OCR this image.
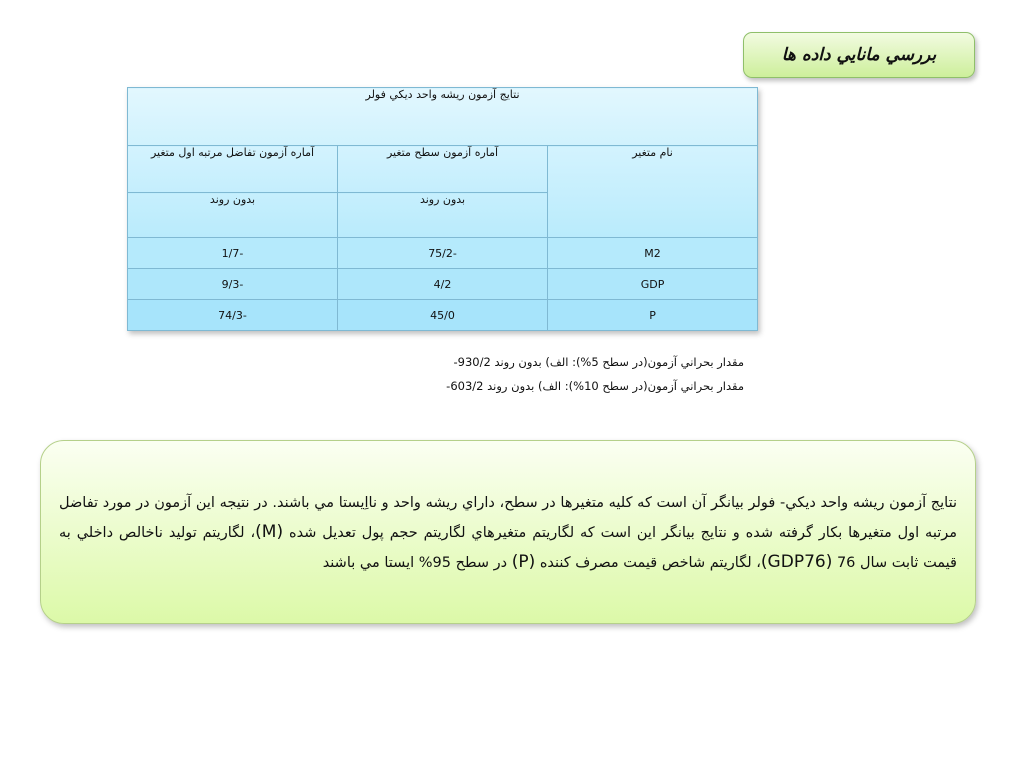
بررسي مانايي داده ها
نتايج آزمون ريشه واحد ديكي فولر		
نام متغير	آماره آزمون سطح متغير	آماره آزمون تفاضل مرتبه اول متغير
	بدون روند	بدون روند
M2	-75/2	-1/7
GDP	4/2	-9/3
P	45/0	-74/3
مقدار بحراني آزمون(در سطح 5%): الف) بدون روند -930/2
مقدار بحراني آزمون(در سطح 10%): الف) بدون روند -603/2
نتايج آزمون ريشه واحد ديكي- فولر بيانگر آن است كه كليه متغيرها در سطح، داراي ريشه واحد و نااِيستا مي باشند. در نتيجه اين آزمون در مورد تفاضل مرتبه اول متغيرها بكار گرفته شده و نتايج بيانگر اين است كه لگاريتم متغيرهاي لگاريتم حجم پول تعديل شده (M)، لگاريتم توليد ناخالص داخلي به قيمت ثابت سال 76 (GDP76)، لگاريتم شاخص قيمت مصرف كننده (P) در سطح 95% ايستا مي باشند
